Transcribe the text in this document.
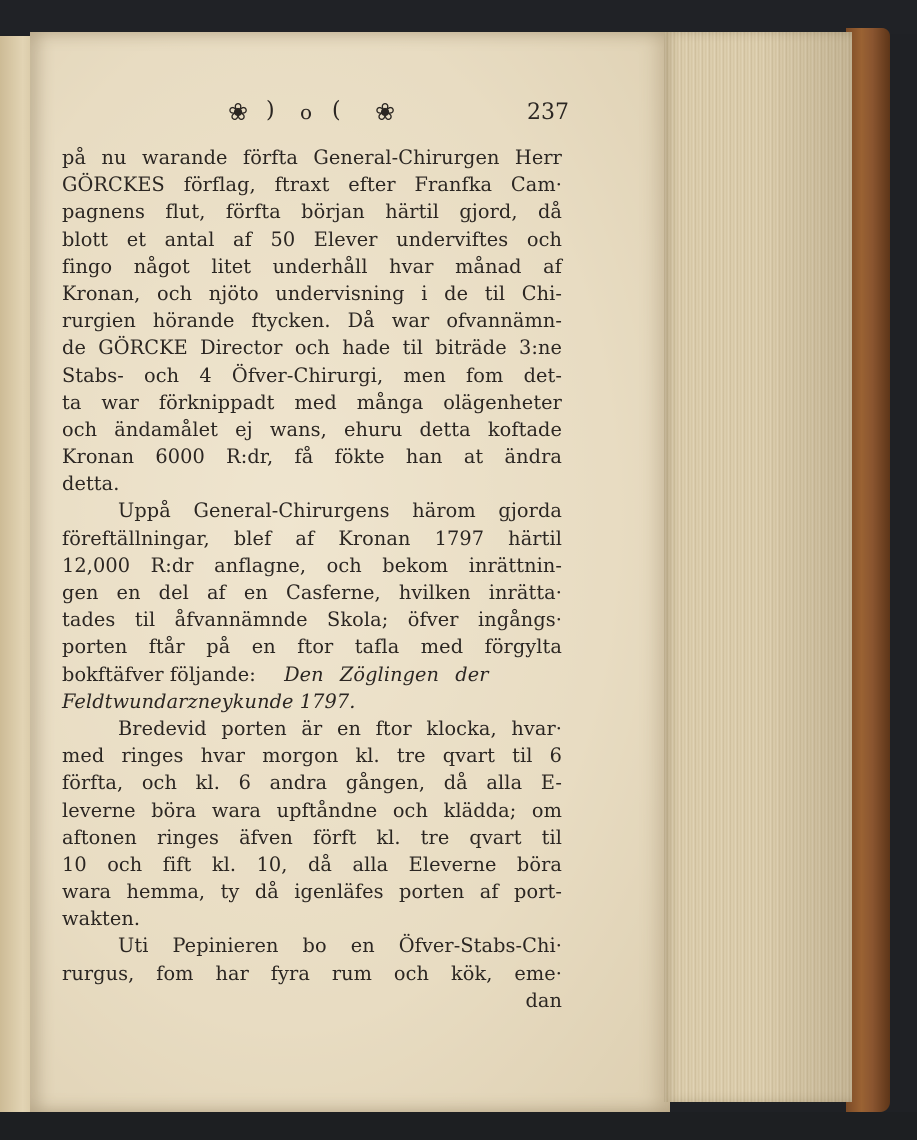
❀ ) o ( ❀	237
på nu warande förfta General-Chirurgen Herr
GÖRCKES förflag, ftraxt efter Franfka Cam·
pagnens flut, förfta början härtil gjord, då
blott et antal af 50 Elever underviftes och
fingo något litet underhåll hvar månad af
Kronan, och njöto undervisning i de til Chi-
rurgien hörande ftycken. Då war ofvannämn-
de GÖRCKE Director och hade til biträde 3:ne
Stabs- och 4 Öfver-Chirurgi, men fom det-
ta war förknippadt med många olägenheter
och ändamålet ej wans, ehuru detta koftade
Kronan 6000 R:dr, få fökte han at ändra
detta.
Uppå General-Chirurgens härom gjorda
föreftällningar, blef af Kronan 1797 härtil
12,000 R:dr anflagne, och bekom inrättnin-
gen en del af en Casferne, hvilken inrätta·
tades til åfvannämnde Skola; öfver ingångs·
porten ftår på en ftor tafla med förgylta
bokftäfver följande: Den Zöglingen der
Feldtwundarzneykunde 1797.
Bredevid porten är en ftor klocka, hvar·
med ringes hvar morgon kl. tre qvart til 6
förfta, och kl. 6 andra gången, då alla E-
leverne böra wara upftåndne och klädda; om
aftonen ringes äfven förft kl. tre qvart til
10 och fift kl. 10, då alla Eleverne böra
wara hemma, ty då igenläfes porten af port-
wakten.
Uti Pepinieren bo en Öfver-Stabs-Chi·
rurgus, fom har fyra rum och kök, eme·
dan
